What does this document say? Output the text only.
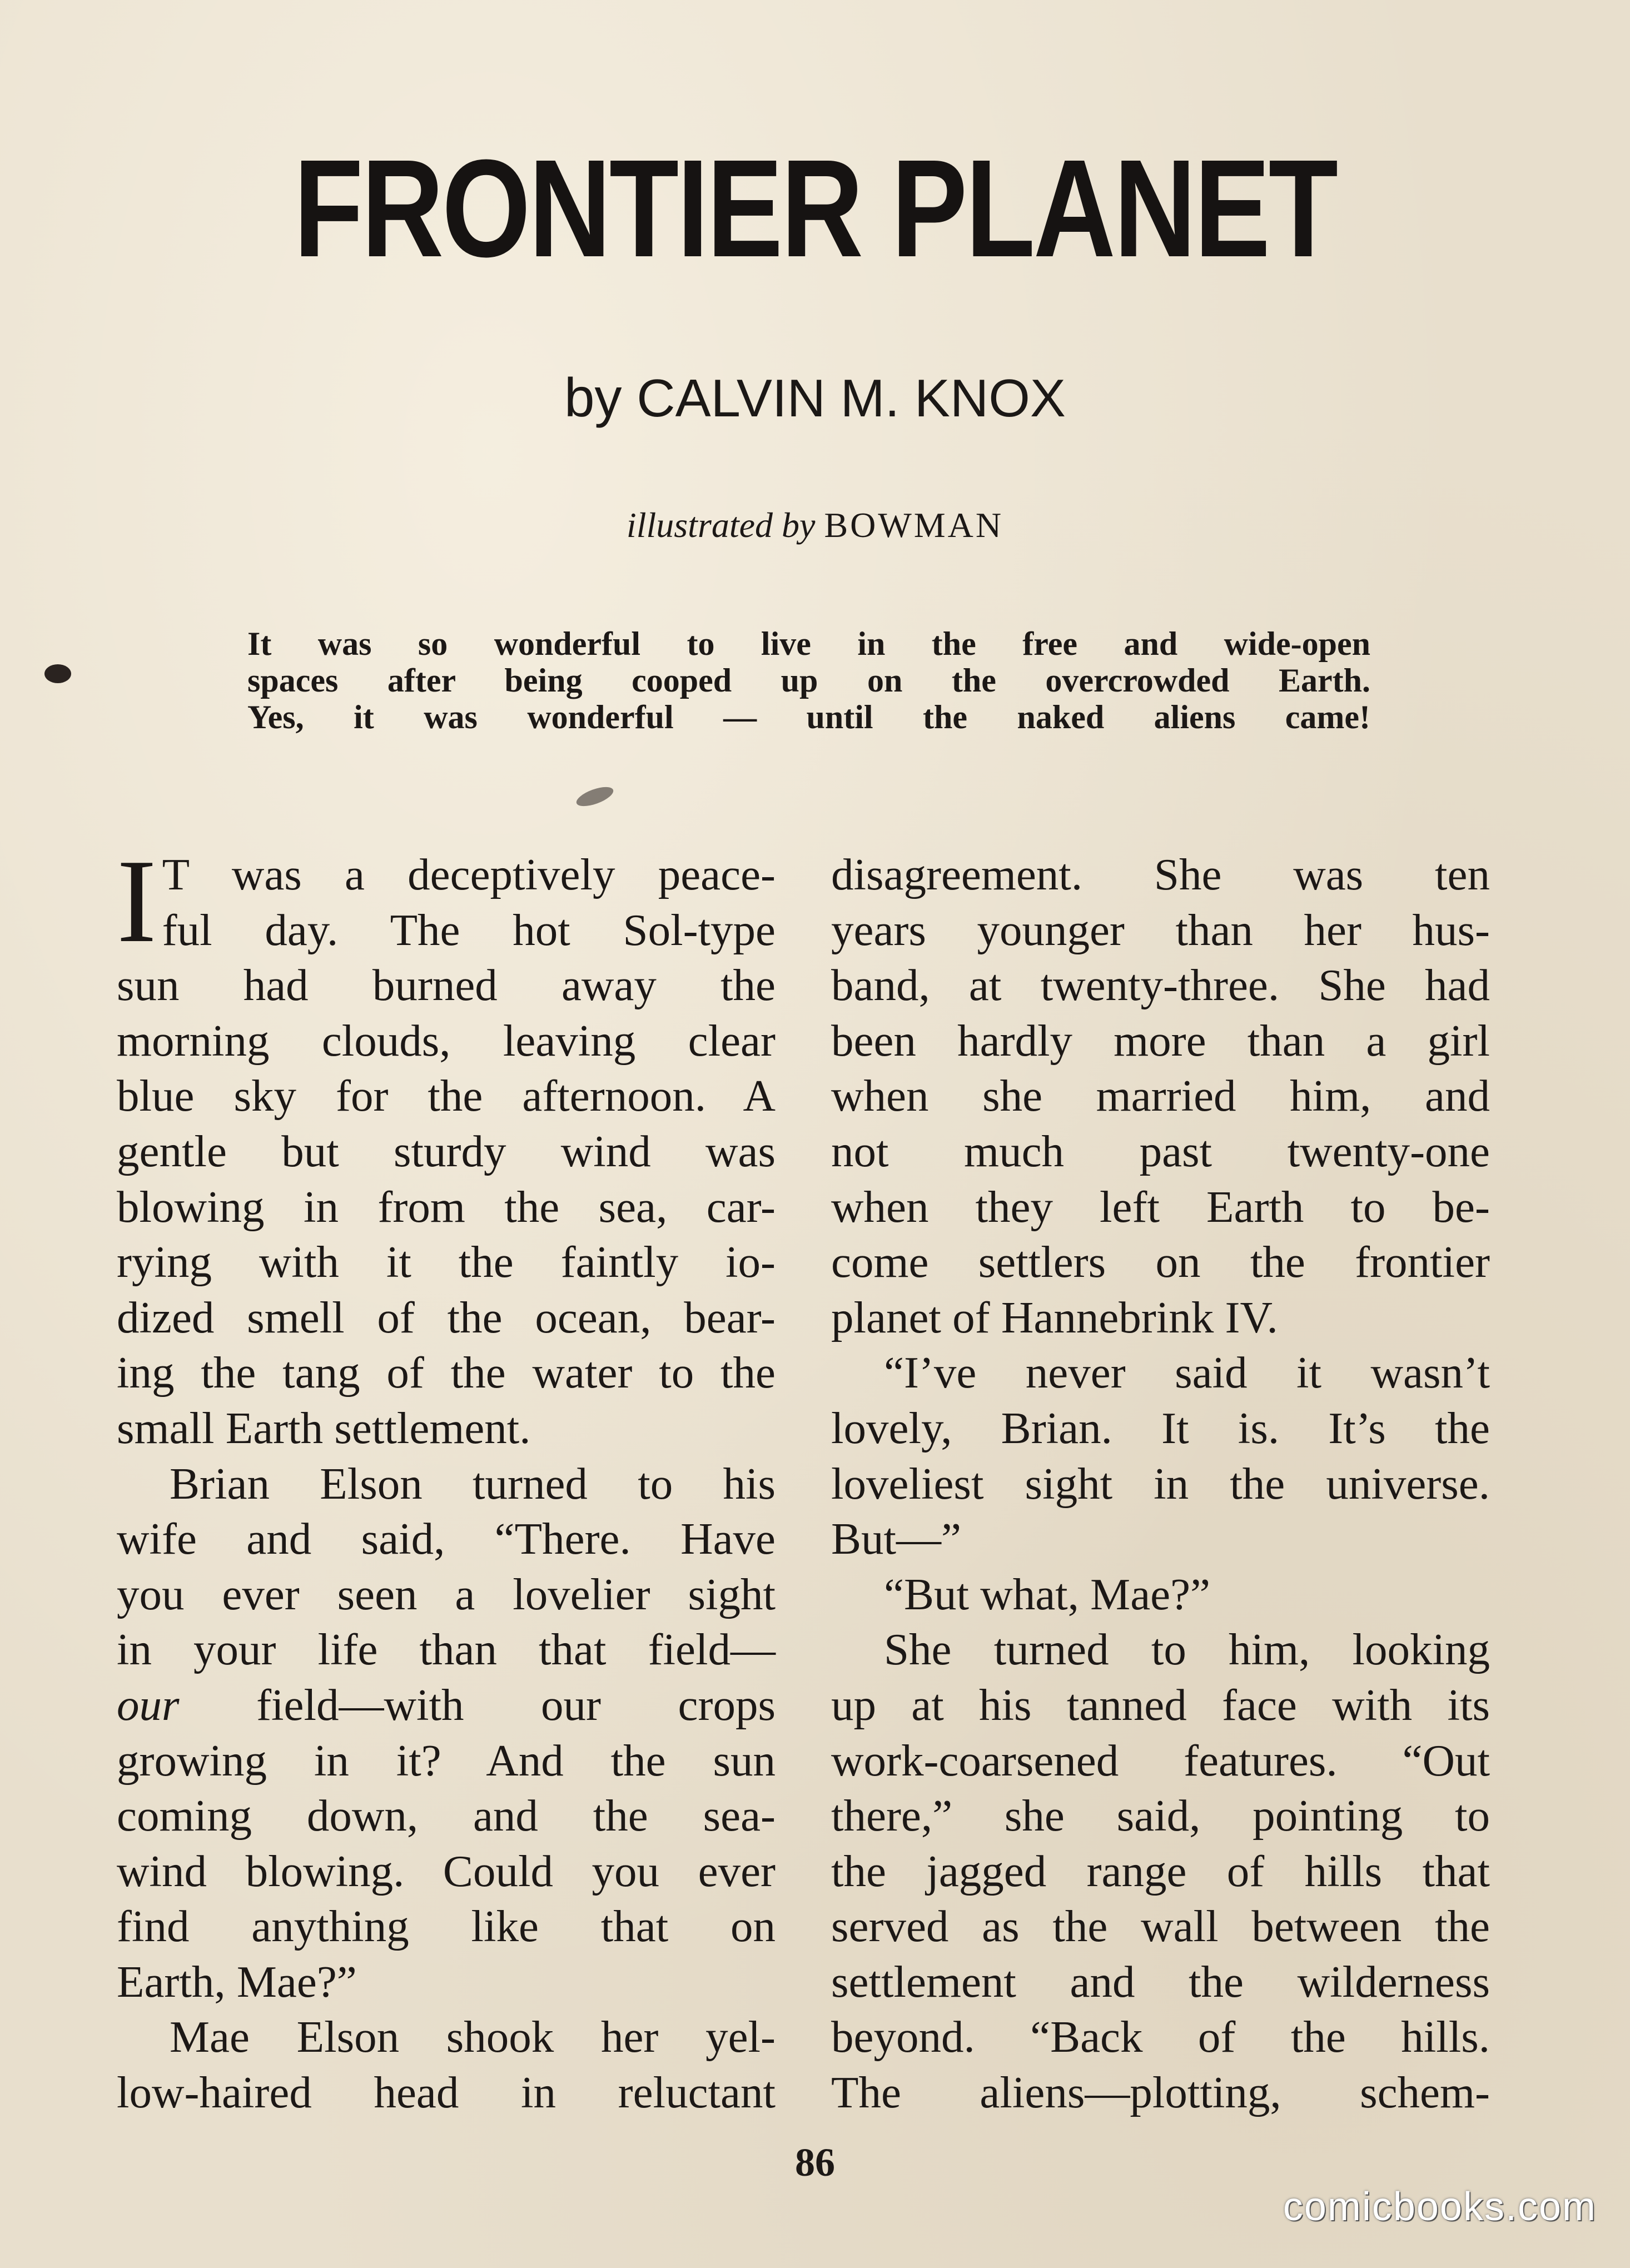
FRONTIER PLANET
by CALVIN M. KNOX
illustrated by BOWMAN
It was so wonderful to live in the free and wide-open
spaces after being cooped up on the overcrowded Earth.
Yes, it was wonderful — until the naked aliens came!
I T was a deceptively peace-
ful day. The hot Sol-type
sun had burned away the
morning clouds, leaving clear
blue sky for the afternoon. A
gentle but sturdy wind was
blowing in from the sea, car-
rying with it the faintly io-
dized smell of the ocean, bear-
ing the tang of the water to the
small Earth settlement.
Brian Elson turned to his
wife and said, “There. Have
you ever seen a lovelier sight
in your life than that field—
our field—with our crops
growing in it? And the sun
coming down, and the sea-
wind blowing. Could you ever
find anything like that on
Earth, Mae?”
Mae Elson shook her yel-
low-haired head in reluctant
disagreement. She was ten
years younger than her hus-
band, at twenty-three. She had
been hardly more than a girl
when she married him, and
not much past twenty-one
when they left Earth to be-
come settlers on the frontier
planet of Hannebrink IV.
“I’ve never said it wasn’t
lovely, Brian. It is. It’s the
loveliest sight in the universe.
But—”
“But what, Mae?”
She turned to him, looking
up at his tanned face with its
work-coarsened features. “Out
there,” she said, pointing to
the jagged range of hills that
served as the wall between the
settlement and the wilderness
beyond. “Back of the hills.
The aliens—plotting, schem-
86
comicbooks.com
